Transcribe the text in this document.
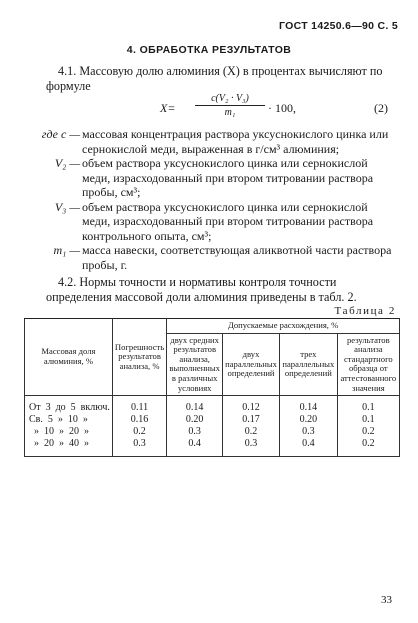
ГОСТ 14250.6—90 С. 5
4. ОБРАБОТКА РЕЗУЛЬТАТОВ
4.1. Массовую долю алюминия (X) в процентах вычисляют по формуле
$X= \frac{\text{c(V₂ · V₃)}}{\text{m₁}} \cdot 100$,	(2)
где c — массовая концентрация раствора уксуснокислого цинка или сернокислой меди, выраженная в г/см³ алюминия;
V₂ — объем раствора уксуснокислого цинка или сернокислой меди, израсходованный при втором титровании раствора пробы, см³;
V₃ — объем раствора уксуснокислого цинка или сернокислой меди, израсходованный при втором титровании раствора контрольного опыта, см³;
m₁ — масса навески, соответствующая аликвотной части раствора пробы, г.
4.2. Нормы точности и нормативы контроля точности определения массовой доли алюминия приведены в табл. 2.
Таблица 2
Массовая доля алюминия, %	Погрешность результатов анализа, %	Допускаемые расхождения, %			
		двух средних результатов анализа, выполненных в различных условиях	двух параллельных определений	трех параллельных определений	результатов анализа стандартного образца от аттестованного значения
От  3  до  5  включ.	0.11	0.14	0.12	0.14	0.1
Св.  5  »  10  »	0.16	0.20	0.17	0.20	0.1
»  10  »  20  »	0.2	0.3	0.2	0.3	0.2
»  20  »  40  »	0.3	0.4	0.3	0.4	0.2
33
